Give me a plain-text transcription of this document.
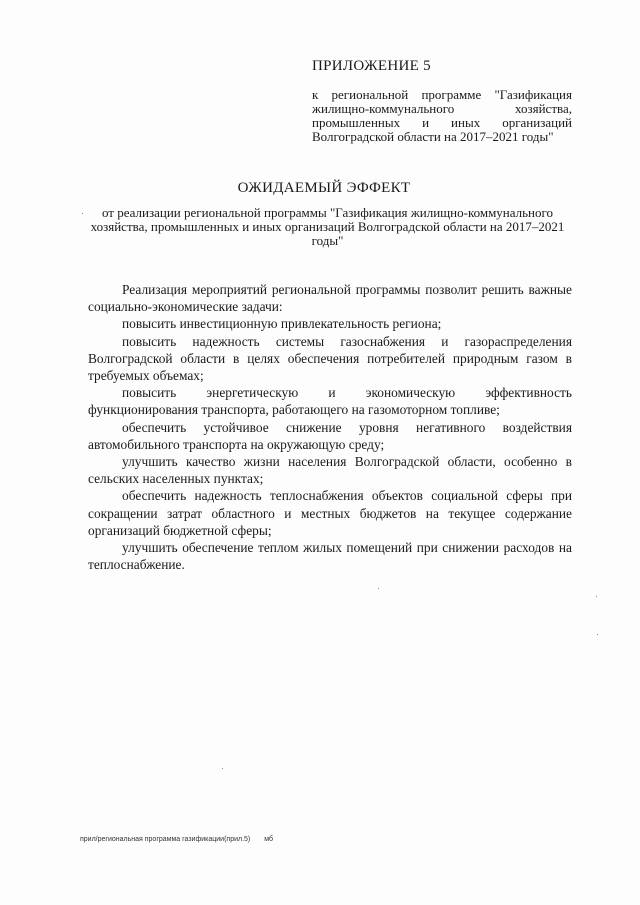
ПРИЛОЖЕНИЕ 5

к региональной программе "Газификация жилищно-коммунального хозяйства, промышленных и иных организаций Волгоградской области на 2017–2021 годы"

ОЖИДАЕМЫЙ ЭФФЕКТ

от реализации региональной программы "Газификация жилищно-коммунального хозяйства, промышленных и иных организаций Волгоградской области на 2017–2021 годы"

Реализация мероприятий региональной программы позволит решить важные социально-экономические задачи:

повысить инвестиционную привлекательность региона;

повысить надежность системы газоснабжения и газораспределения Волгоградской области в целях обеспечения потребителей природным газом в требуемых объемах;

повысить энергетическую и экономическую эффективность функционирования транспорта, работающего на газомоторном топливе;

обеспечить устойчивое снижение уровня негативного воздействия автомобильного транспорта на окружающую среду;

улучшить качество жизни населения Волгоградской области, особенно в сельских населенных пунктах;

обеспечить надежность теплоснабжения объектов социальной сферы при сокращении затрат областного и местных бюджетов на текущее содержание организаций бюджетной сферы;

улучшить обеспечение теплом жилых помещений при снижении расходов на теплоснабжение.

прил/региональная программа газификации(прил.5) мб
